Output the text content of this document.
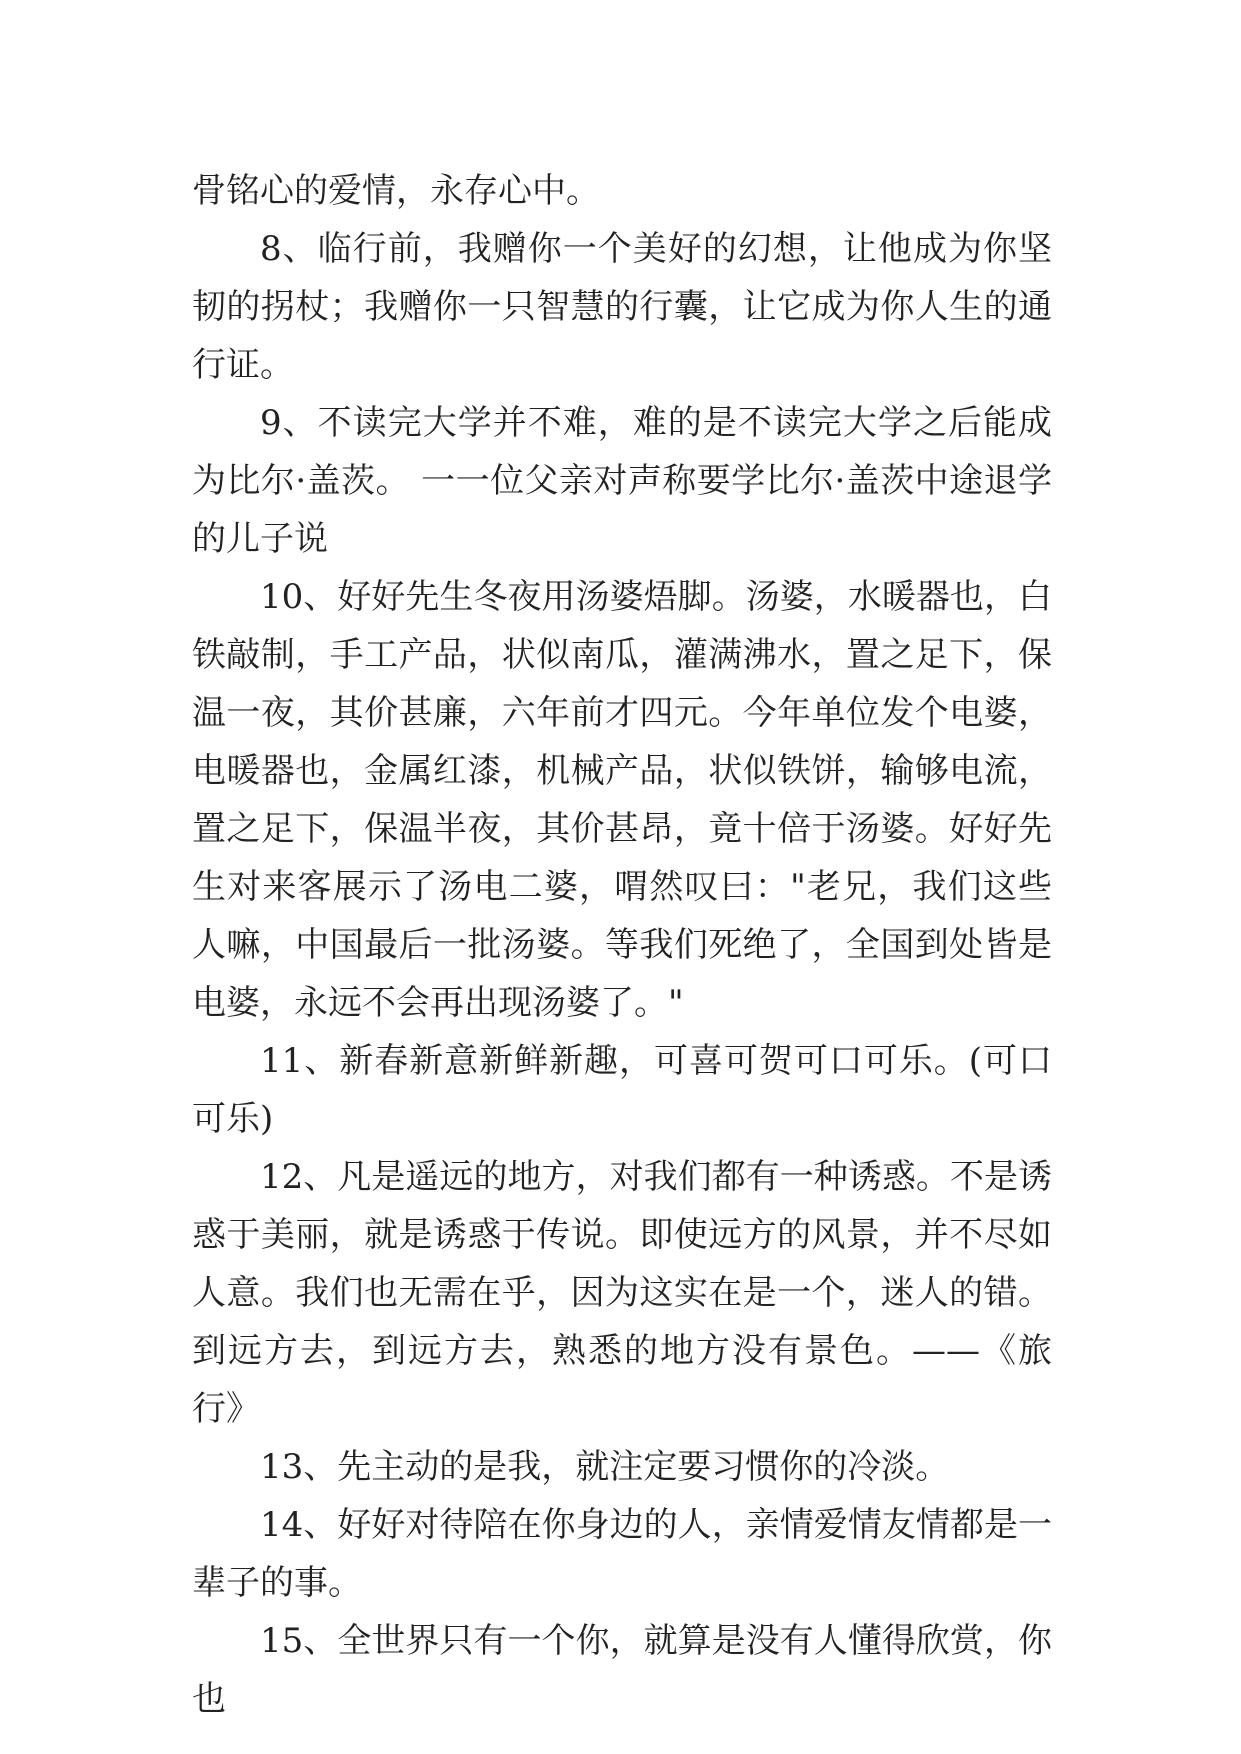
骨铭心的爱情，永存心中。

8、临行前，我赠你一个美好的幻想，让他成为你坚韧的拐杖；我赠你一只智慧的行囊，让它成为你人生的通行证。

9、不读完大学并不难，难的是不读完大学之后能成为比尔·盖茨。 一一位父亲对声称要学比尔·盖茨中途退学的儿子说

10、好好先生冬夜用汤婆焐脚。汤婆，水暖器也，白铁敲制，手工产品，状似南瓜，灌满沸水，置之足下，保温一夜，其价甚廉，六年前才四元。今年单位发个电婆，电暖器也，金属红漆，机械产品，状似铁饼，输够电流，置之足下，保温半夜，其价甚昂，竟十倍于汤婆。好好先生对来客展示了汤电二婆，喟然叹曰："老兄，我们这些人嘛，中国最后一批汤婆。等我们死绝了，全国到处皆是电婆，永远不会再出现汤婆了。"

11、新春新意新鲜新趣，可喜可贺可口可乐。(可口可乐)

12、凡是遥远的地方，对我们都有一种诱惑。不是诱惑于美丽，就是诱惑于传说。即使远方的风景，并不尽如人意。我们也无需在乎，因为这实在是一个，迷人的错。到远方去，到远方去，熟悉的地方没有景色。——《旅行》

13、先主动的是我，就注定要习惯你的冷淡。

14、好好对待陪在你身边的人，亲情爱情友情都是一辈子的事。

15、全世界只有一个你，就算是没有人懂得欣赏，你也
